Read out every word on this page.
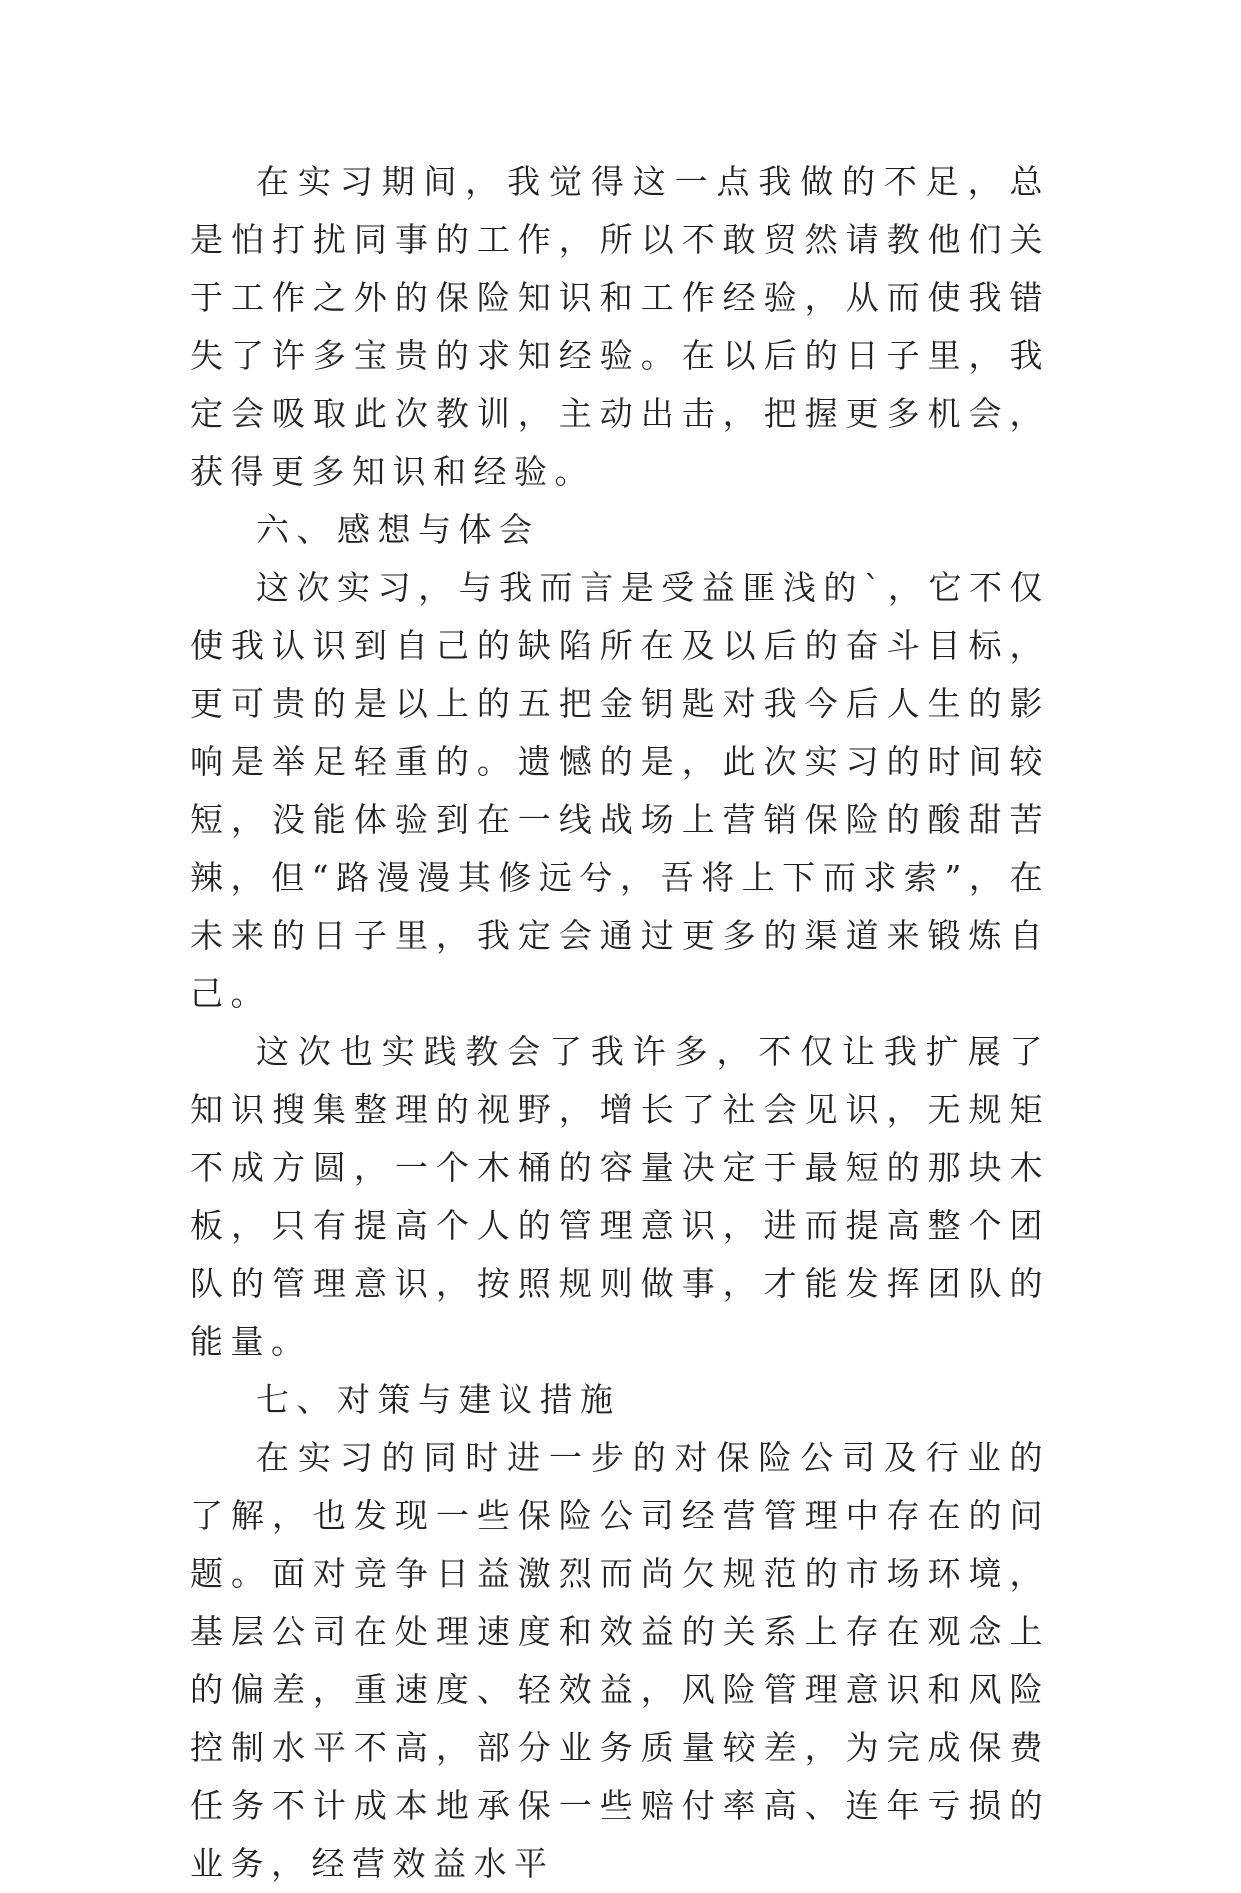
在实习期间，我觉得这一点我做的不足，总是怕打扰同事的工作，所以不敢贸然请教他们关于工作之外的保险知识和工作经验，从而使我错失了许多宝贵的求知经验。在以后的日子里，我定会吸取此次教训，主动出击，把握更多机会，获得更多知识和经验。

六、感想与体会

这次实习，与我而言是受益匪浅的`，它不仅使我认识到自己的缺陷所在及以后的奋斗目标，更可贵的是以上的五把金钥匙对我今后人生的影响是举足轻重的。遗憾的是，此次实习的时间较短，没能体验到在一线战场上营销保险的酸甜苦辣，但“路漫漫其修远兮，吾将上下而求索”，在未来的日子里，我定会通过更多的渠道来锻炼自己。

这次也实践教会了我许多，不仅让我扩展了知识搜集整理的视野，增长了社会见识，无规矩不成方圆，一个木桶的容量决定于最短的那块木板，只有提高个人的管理意识，进而提高整个团队的管理意识，按照规则做事，才能发挥团队的能量。

七、对策与建议措施

在实习的同时进一步的对保险公司及行业的了解，也发现一些保险公司经营管理中存在的问题。面对竞争日益激烈而尚欠规范的市场环境，基层公司在处理速度和效益的关系上存在观念上的偏差，重速度、轻效益，风险管理意识和风险控制水平不高，部分业务质量较差，为完成保费任务不计成本地承保一些赔付率高、连年亏损的业务，经营效益水平
